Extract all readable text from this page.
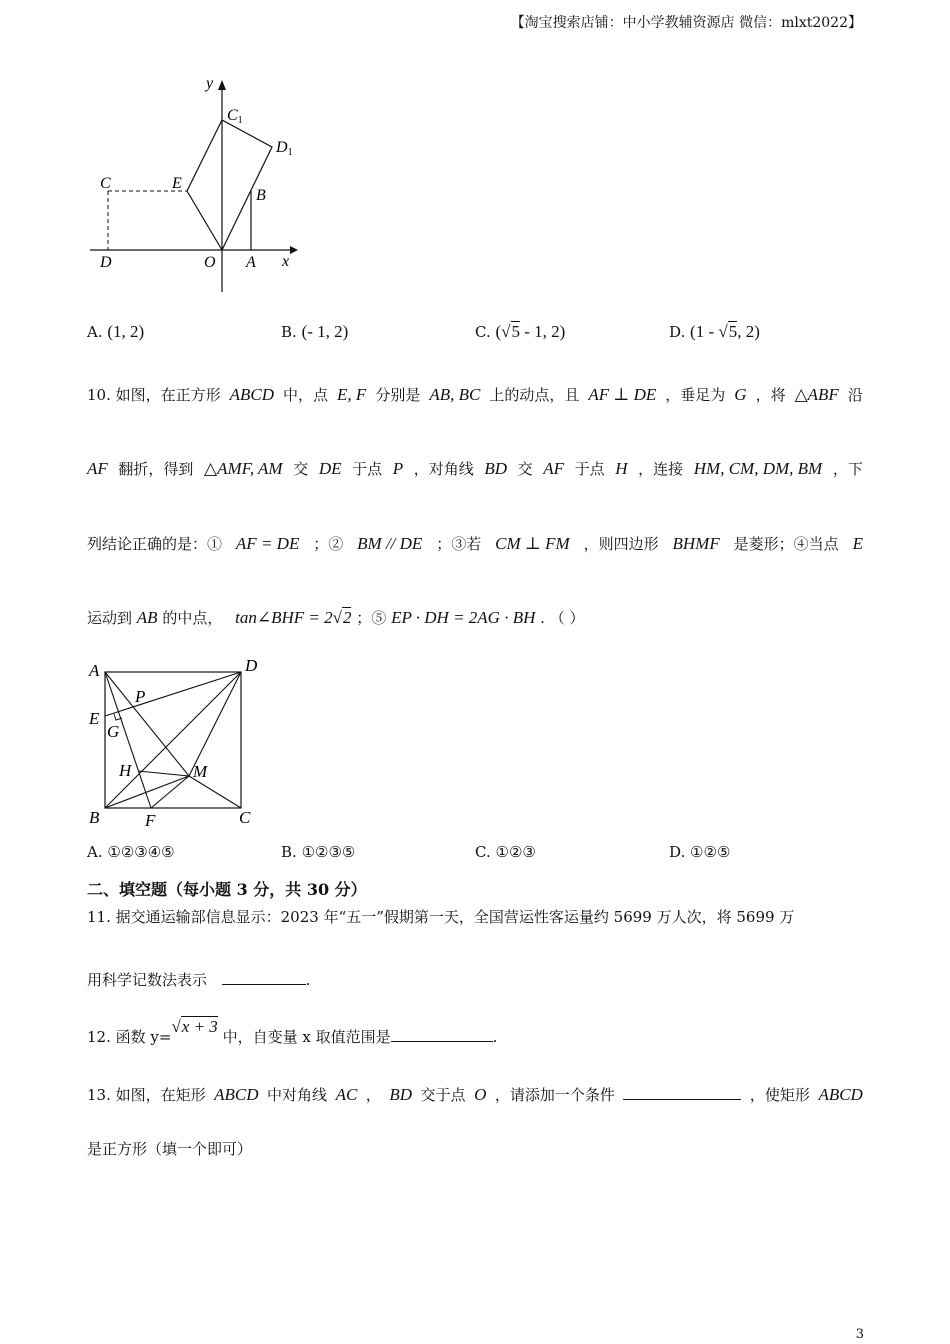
【淘宝搜索店铺：中小学教辅资源店 微信：mlxt2022】
y
x
C1
D1
C	E
B
D	O A
A. (1, 2)	B. (- 1, 2)	C. (√5 - 1, 2)	D. (1 - √5, 2)
10. 如图，在正方形 ABCD 中，点 E, F 分别是 AB, BC 上的动点，且 AF ⊥ DE ，垂足为 G ，将 △ABF 沿
AF 翻折，得到 △AMF, AM 交 DE 于点 P ，对角线 BD 交 AF 于点 H ，连接 HM, CM, DM, BM ，下
列结论正确的是：① AF = DE ；② BM // DE ；③若 CM ⊥ FM ，则四边形 BHMF 是菱形；④当点 E
运动到 AB 的中点， tan∠BHF = 2√2 ；⑤ EP · DH = 2AG · BH . （ ）
A	D
P
E
G
H	M
B	F	C
A. ①②③④⑤	B. ①②③⑤	C. ①②③	D. ①②⑤
二、填空题（每小题 3 分，共 30 分）
11. 据交通运输部信息显示：2023 年“五一”假期第一天，全国营运性客运量约 5699 万人次，将 5699 万
用科学记数法表示	.
12. 函数 y=√x + 3 中，自变量 x 取值范围是	.
13. 如图，在矩形 ABCD 中对角线 AC ， BD 交于点 O ，请添加一个条件	，使矩形 ABCD
是正方形（填一个即可）
3
